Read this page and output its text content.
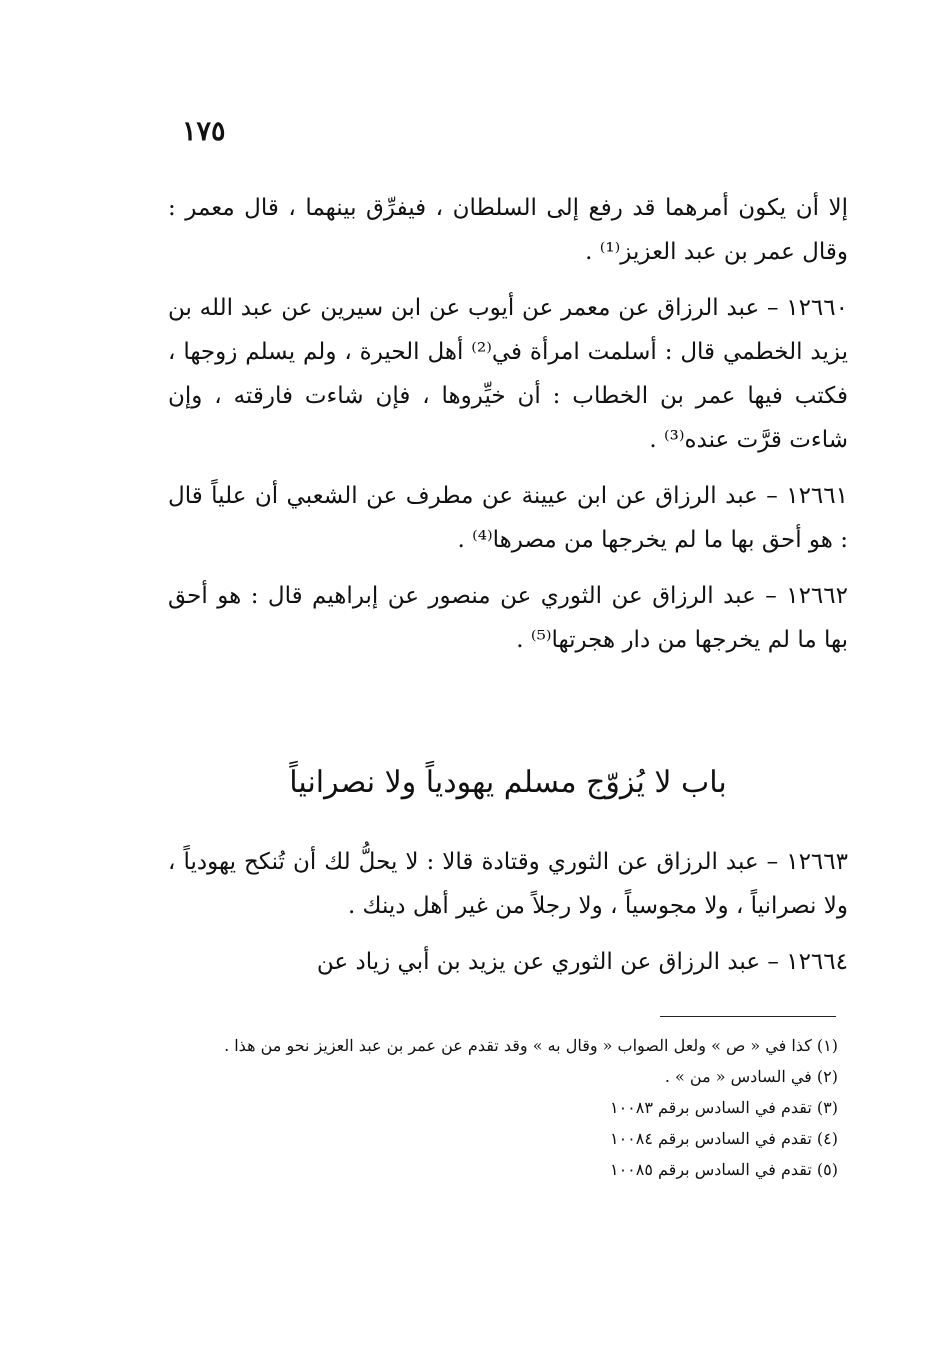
١٧٥

إلا أن يكون أمرهما قد رفع إلى السلطان ، فيفرِّق بينهما ، قال معمر : وقال عمر بن عبد العزيز⁽¹⁾ .

١٢٦٦٠ – عبد الرزاق عن معمر عن أيوب عن ابن سيرين عن عبد الله بن يزيد الخطمي قال : أسلمت امرأة في⁽²⁾ أهل الحيرة ، ولم يسلم زوجها ، فكتب فيها عمر بن الخطاب : أن خيِّروها ، فإن شاءت فارقته ، وإن شاءت قرَّت عنده⁽³⁾ .

١٢٦٦١ – عبد الرزاق عن ابن عيينة عن مطرف عن الشعبي أن علياً قال : هو أحق بها ما لم يخرجها من مصرها⁽⁴⁾ .

١٢٦٦٢ – عبد الرزاق عن الثوري عن منصور عن إبراهيم قال : هو أحق بها ما لم يخرجها من دار هجرتها⁽⁵⁾ .

باب لا يُزوّج مسلم يهودياً ولا نصرانياً

١٢٦٦٣ – عبد الرزاق عن الثوري وقتادة قالا : لا يحلُّ لك أن تُنكح يهودياً ، ولا نصرانياً ، ولا مجوسياً ، ولا رجلاً من غير أهل دينك .

١٢٦٦٤ – عبد الرزاق عن الثوري عن يزيد بن أبي زياد عن

(١) كذا في « ص » ولعل الصواب « وقال به » وقد تقدم عن عمر بن عبد العزيز نحو من هذا .
(٢) في السادس « من » .
(٣) تقدم في السادس برقم ١٠٠٨٣
(٤) تقدم في السادس برقم ١٠٠٨٤
(٥) تقدم في السادس برقم ١٠٠٨٥
